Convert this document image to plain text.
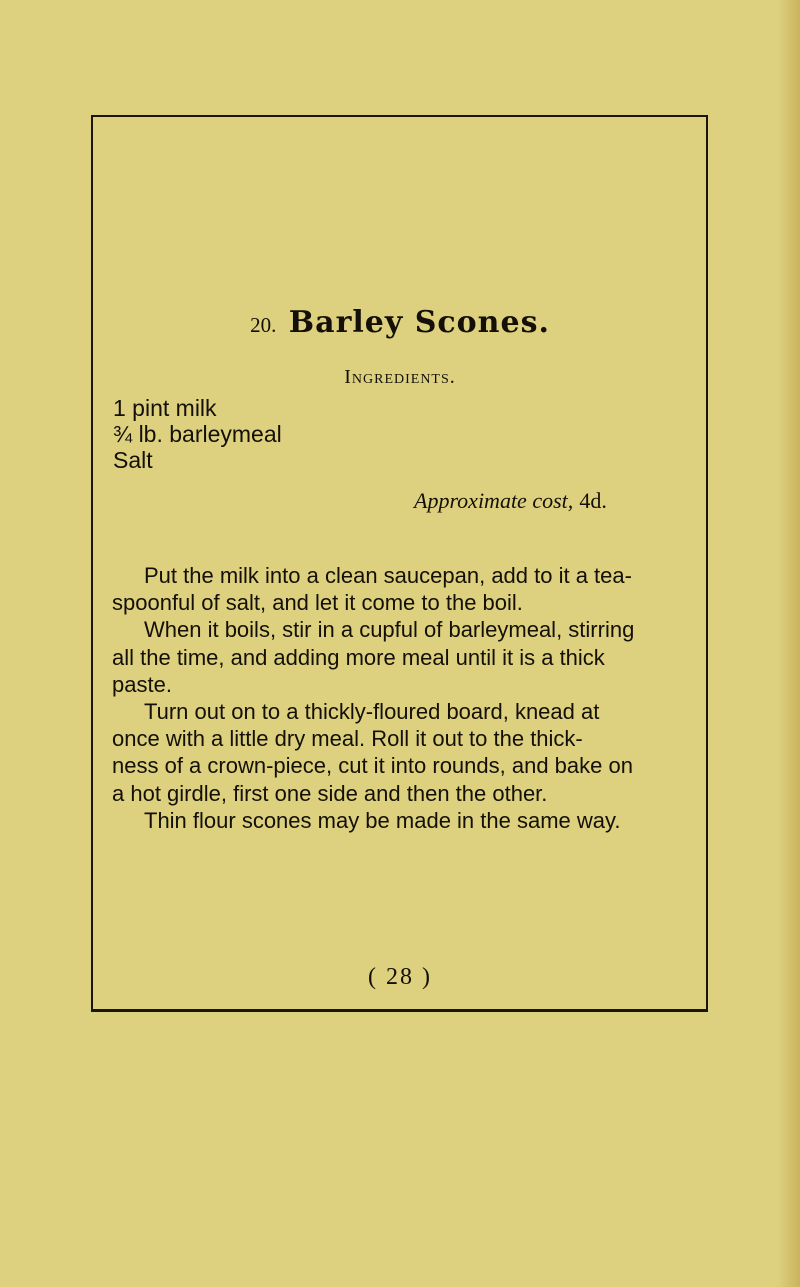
20. Barley Scones.
Ingredients.
1 pint milk
¾ lb. barleymeal
Salt
Approximate cost, 4d.
Put the milk into a clean saucepan, add to it a tea-
spoonful of salt, and let it come to the boil.
When it boils, stir in a cupful of barleymeal, stirring
all the time, and adding more meal until it is a thick
paste.
Turn out on to a thickly-floured board, knead at
once with a little dry meal. Roll it out to the thick-
ness of a crown-piece, cut it into rounds, and bake on
a hot girdle, first one side and then the other.
Thin flour scones may be made in the same way.
( 28 )
